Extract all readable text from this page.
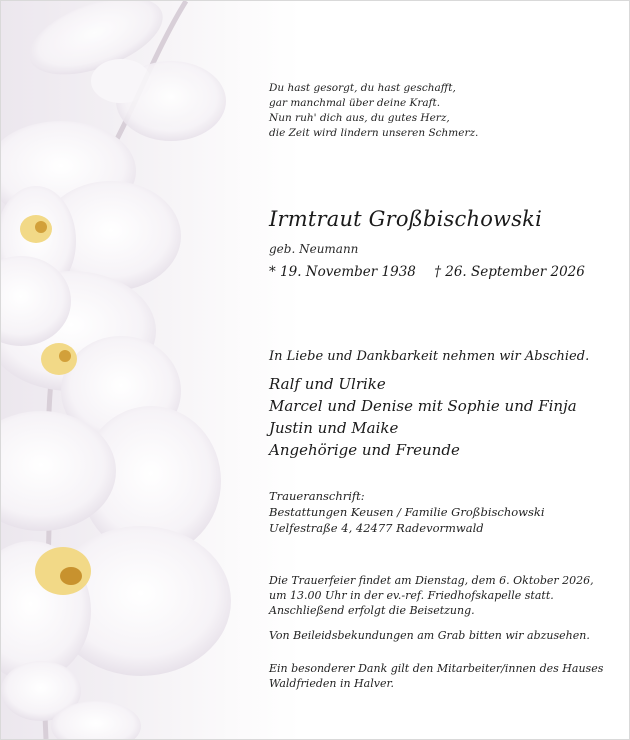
Du hast gesorgt, du hast geschafft,
gar manchmal über deine Kraft.
Nun ruh' dich aus, du gutes Herz,
die Zeit wird lindern unseren Schmerz.
Irmtraut Großbischowski
geb. Neumann
* 19. November 1938 † 26. September 2026
In Liebe und Dankbarkeit nehmen wir Abschied.
Ralf und Ulrike
Marcel und Denise mit Sophie und Finja
Justin und Maike
Angehörige und Freunde
Traueranschrift:
Bestattungen Keusen / Familie Großbischowski
Uelfestraße 4, 42477 Radevormwald
Die Trauerfeier findet am Dienstag, dem 6. Oktober 2026,
um 13.00 Uhr in der ev.-ref. Friedhofskapelle statt.
Anschließend erfolgt die Beisetzung.
Von Beileidsbekundungen am Grab bitten wir abzusehen.
Ein besonderer Dank gilt den Mitarbeiter/innen des Hauses
Waldfrieden in Halver.
